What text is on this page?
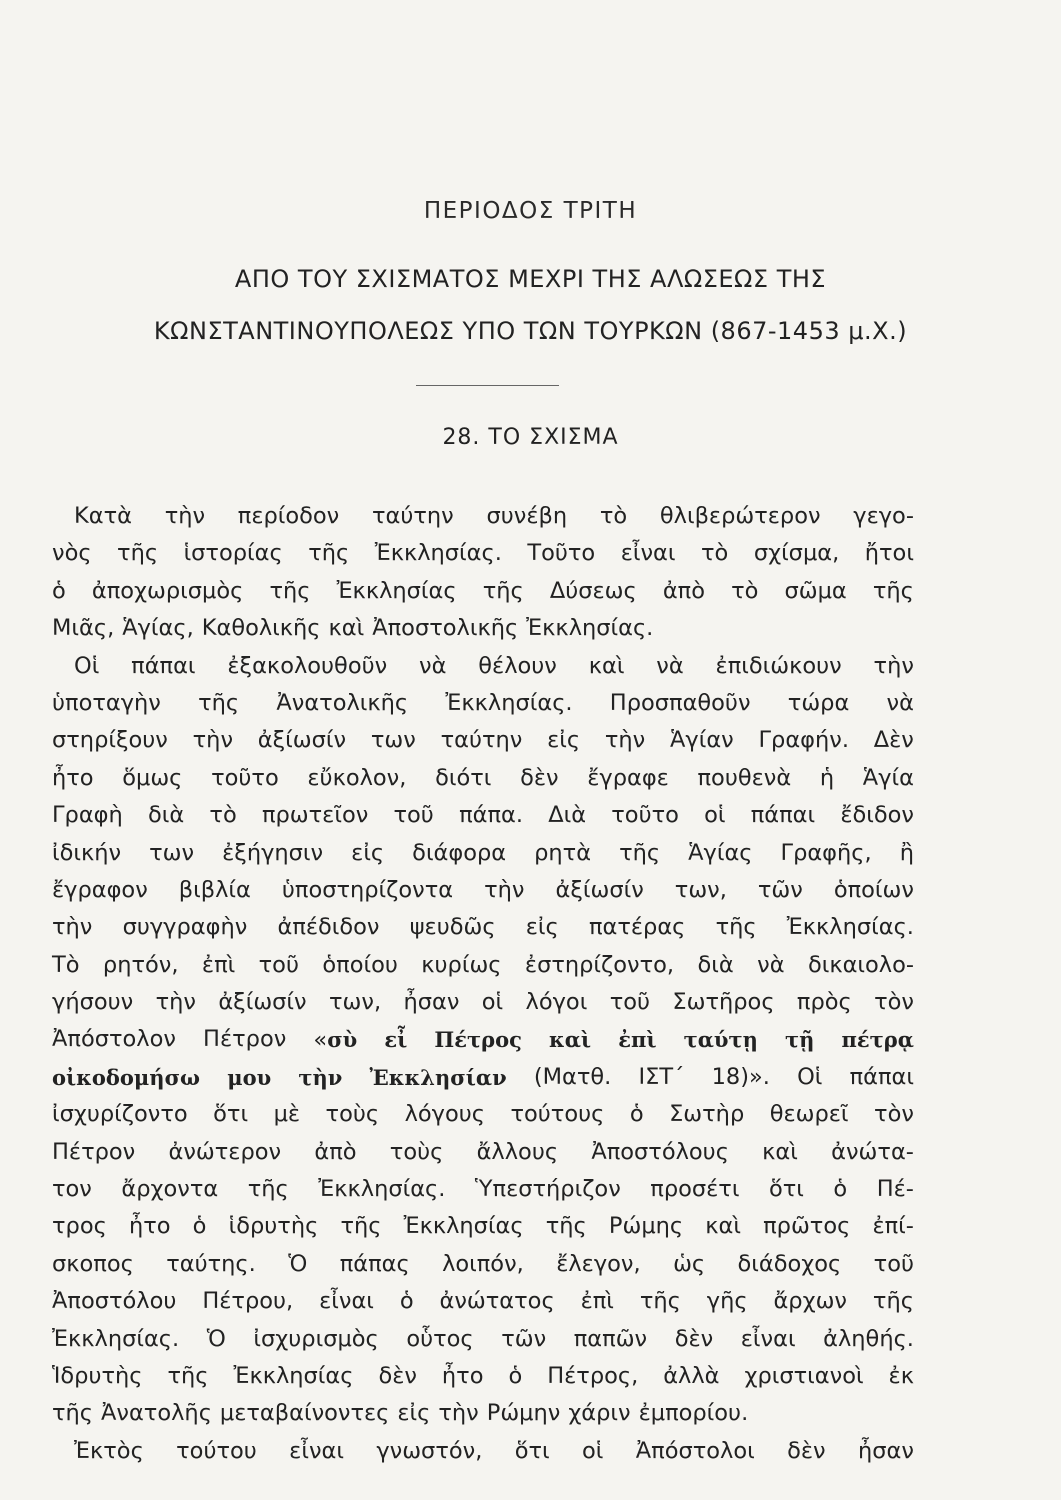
ΠΕΡΙΟΔΟΣ ΤΡΙΤΗ
ΑΠΟ ΤΟΥ ΣΧΙΣΜΑΤΟΣ ΜΕΧΡΙ ΤΗΣ ΑΛΩΣΕΩΣ ΤΗΣ
ΚΩΝΣΤΑΝΤΙΝΟΥΠΟΛΕΩΣ ΥΠΟ ΤΩΝ ΤΟΥΡΚΩΝ (867-1453 μ.Χ.)
28. ΤΟ ΣΧΙΣΜΑ
Κατὰ τὴν περίοδον ταύτην συνέβη τὸ θλιβερώτερον γεγο-
νὸς τῆς ἱστορίας τῆς Ἐκκλησίας. Τοῦτο εἶναι τὸ σχίσμα, ἤτοι
ὁ ἀποχωρισμὸς τῆς Ἐκκλησίας τῆς Δύσεως ἀπὸ τὸ σῶμα τῆς
Μιᾶς, Ἁγίας, Καθολικῆς καὶ Ἀποστολικῆς Ἐκκλησίας.
Οἱ πάπαι ἐξακολουθοῦν νὰ θέλουν καὶ νὰ ἐπιδιώκουν τὴν
ὑποταγὴν τῆς Ἀνατολικῆς Ἐκκλησίας. Προσπαθοῦν τώρα νὰ
στηρίξουν τὴν ἀξίωσίν των ταύτην εἰς τὴν Ἁγίαν Γραφήν. Δὲν
ἦτο ὅμως τοῦτο εὔκολον, διότι δὲν ἔγραφε πουθενὰ ἡ Ἁγία
Γραφὴ διὰ τὸ πρωτεῖον τοῦ πάπα. Διὰ τοῦτο οἱ πάπαι ἔδιδον
ἰδικήν των ἐξήγησιν εἰς διάφορα ρητὰ τῆς Ἁγίας Γραφῆς, ἢ
ἔγραφον βιβλία ὑποστηρίζοντα τὴν ἀξίωσίν των, τῶν ὁποίων
τὴν συγγραφὴν ἀπέδιδον ψευδῶς εἰς πατέρας τῆς Ἐκκλησίας.
Τὸ ρητόν, ἐπὶ τοῦ ὁποίου κυρίως ἐστηρίζοντο, διὰ νὰ δικαιολο-
γήσουν τὴν ἀξίωσίν των, ἦσαν οἱ λόγοι τοῦ Σωτῆρος πρὸς τὸν
Ἀπόστολον Πέτρον «σὺ εἶ Πέτρος καὶ ἐπὶ ταύτῃ τῇ πέτρᾳ
οἰκοδομήσω μου τὴν Ἐκκλησίαν (Ματθ. ΙΣΤ΄ 18)». Οἱ πάπαι
ἰσχυρίζοντο ὅτι μὲ τοὺς λόγους τούτους ὁ Σωτὴρ θεωρεῖ τὸν
Πέτρον ἀνώτερον ἀπὸ τοὺς ἄλλους Ἀποστόλους καὶ ἀνώτα-
τον ἄρχοντα τῆς Ἐκκλησίας. Ὑπεστήριζον προσέτι ὅτι ὁ Πέ-
τρος ἦτο ὁ ἱδρυτὴς τῆς Ἐκκλησίας τῆς Ρώμης καὶ πρῶτος ἐπί-
σκοπος ταύτης. Ὁ πάπας λοιπόν, ἔλεγον, ὡς διάδοχος τοῦ
Ἀποστόλου Πέτρου, εἶναι ὁ ἀνώτατος ἐπὶ τῆς γῆς ἄρχων τῆς
Ἐκκλησίας. Ὁ ἰσχυρισμὸς οὗτος τῶν παπῶν δὲν εἶναι ἀληθής.
Ἱδρυτὴς τῆς Ἐκκλησίας δὲν ἦτο ὁ Πέτρος, ἀλλὰ χριστιανοὶ ἐκ
τῆς Ἀνατολῆς μεταβαίνοντες εἰς τὴν Ρώμην χάριν ἐμπορίου.
Ἐκτὸς τούτου εἶναι γνωστόν, ὅτι οἱ Ἀπόστολοι δὲν ἦσαν
